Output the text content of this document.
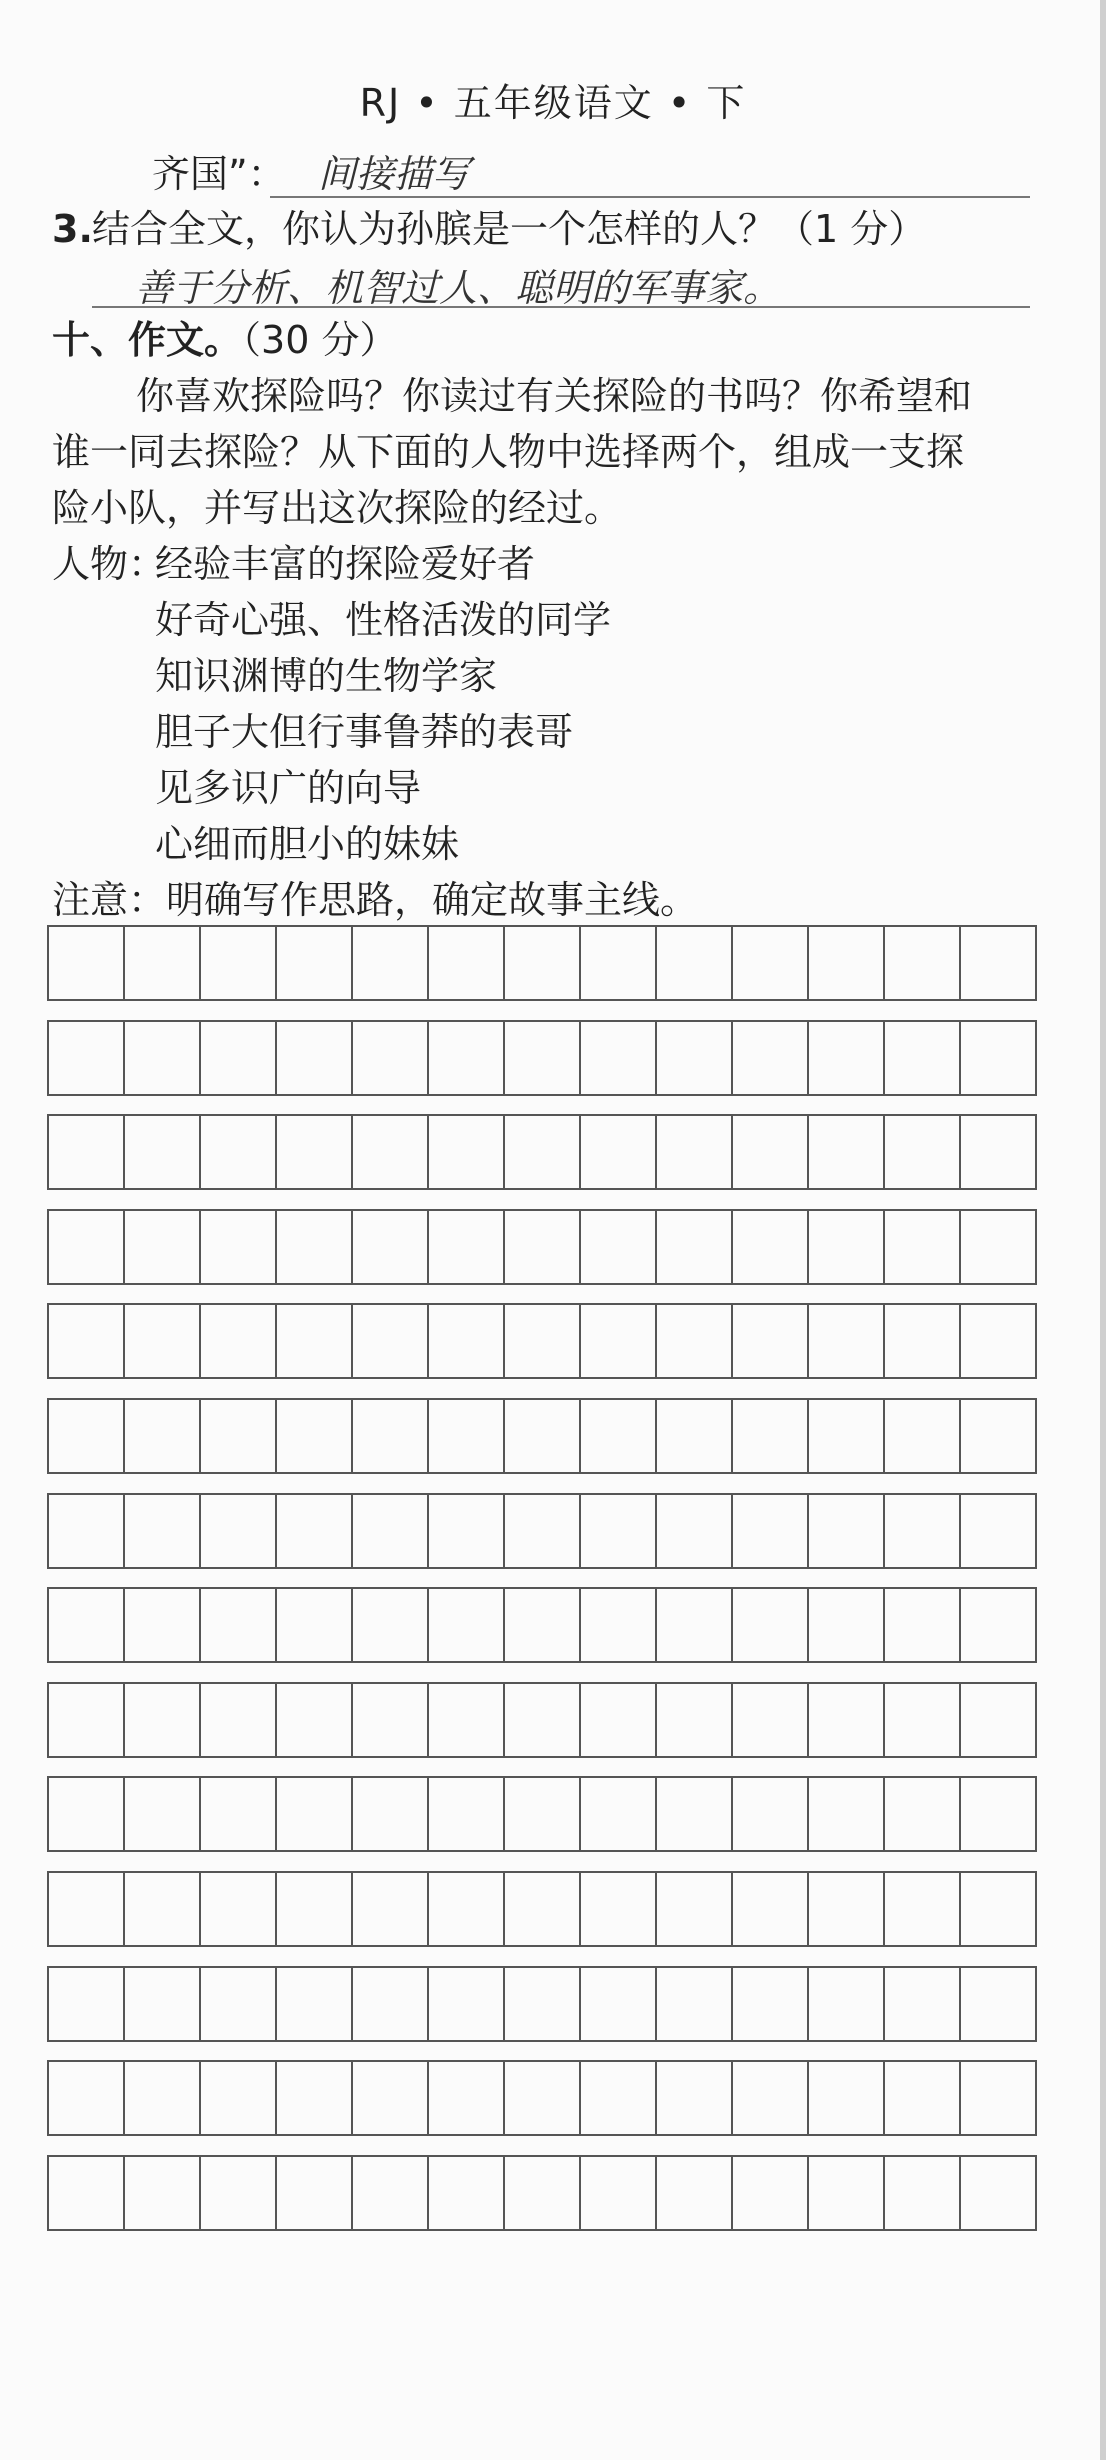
RJ • 五年级语文 • 下
齐国”： 间接描写
3. 结合全文，你认为孙膑是一个怎样的人？（1 分）
善于分析、机智过人、聪明的军事家。
十、作文。（30 分）
你喜欢探险吗？你读过有关探险的书吗？你希望和
谁一同去探险？从下面的人物中选择两个，组成一支探
险小队，并写出这次探险的经过。
人物：
经验丰富的探险爱好者
好奇心强、性格活泼的同学
知识渊博的生物学家
胆子大但行事鲁莽的表哥
见多识广的向导
心细而胆小的妹妹
注意：明确写作思路，确定故事主线。
